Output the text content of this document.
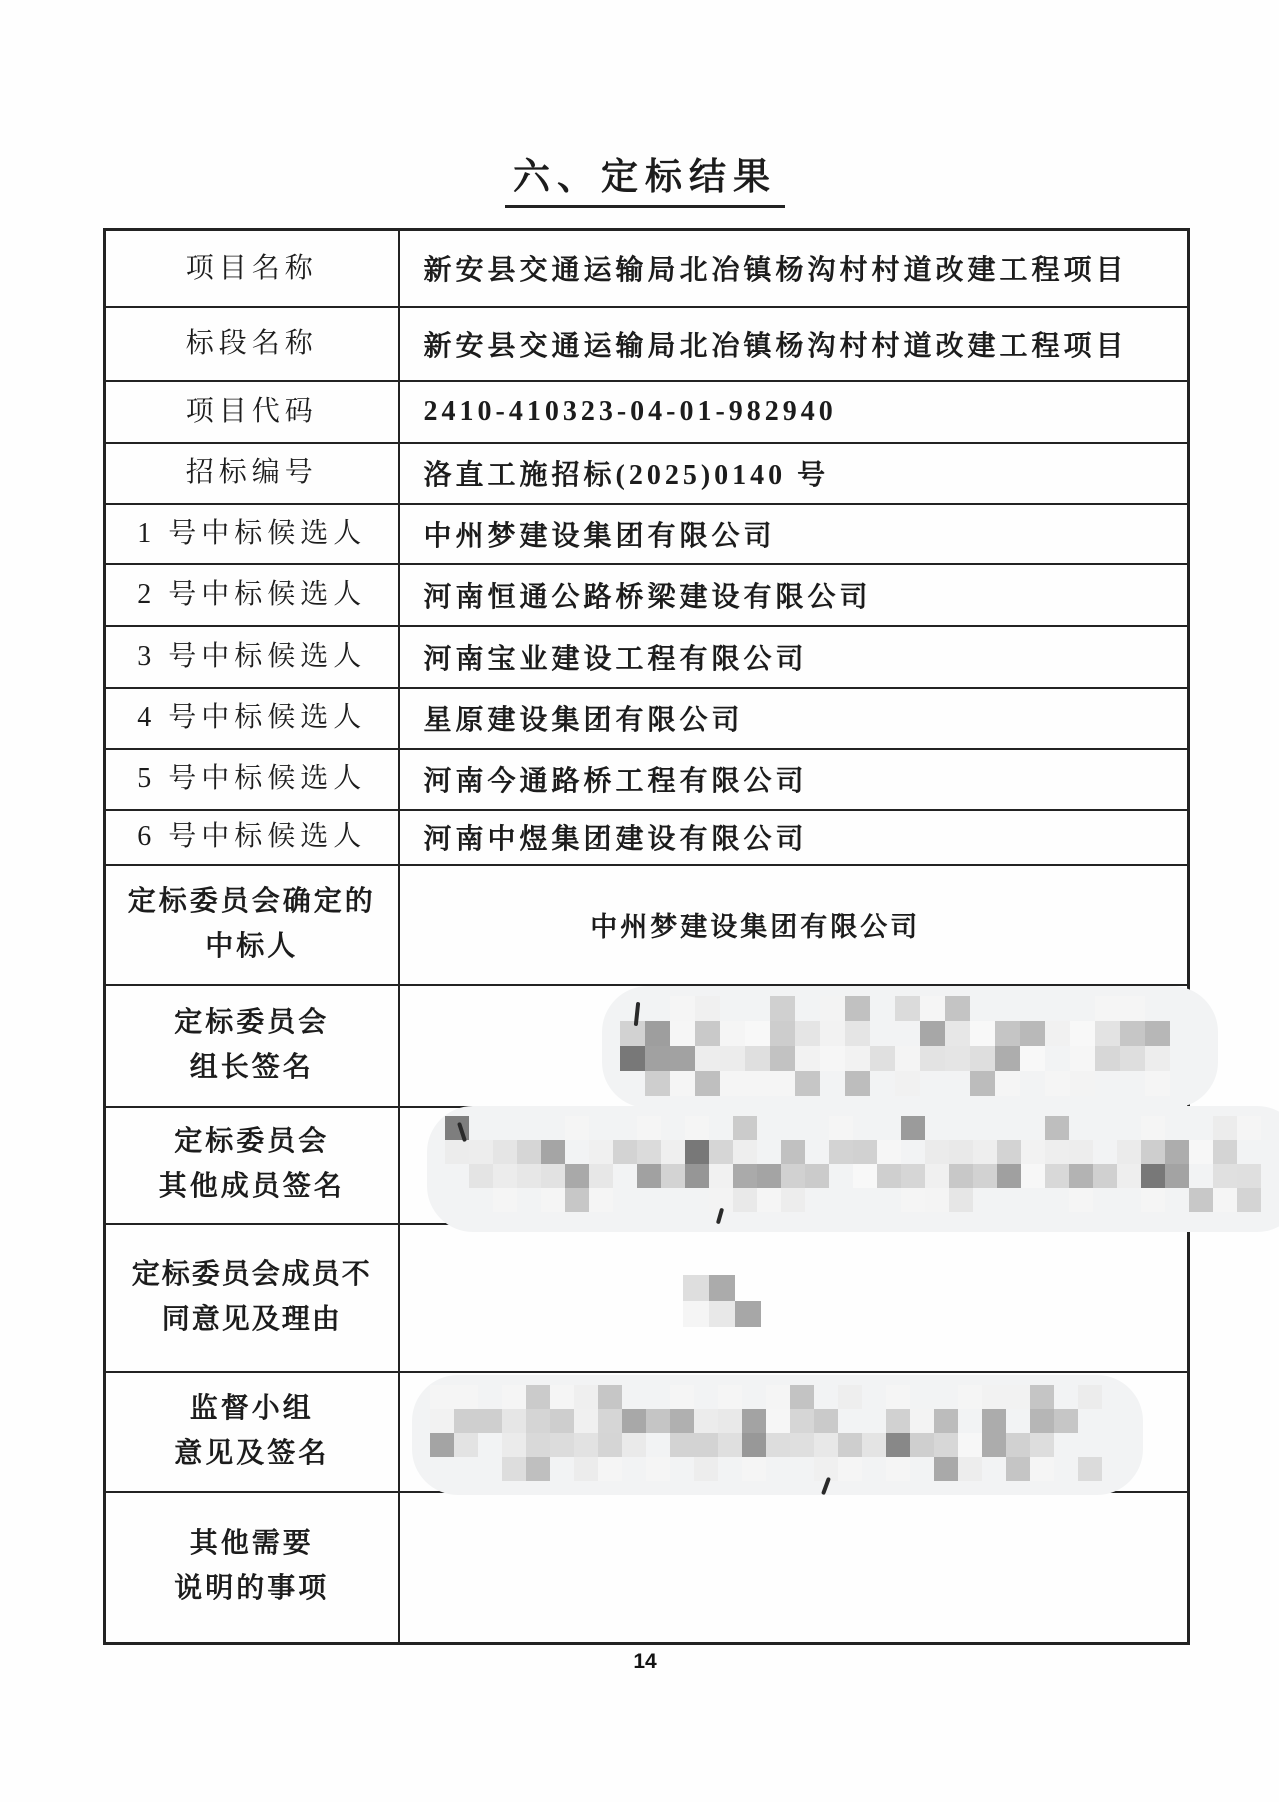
六、定标结果
项目名称	新安县交通运输局北冶镇杨沟村村道改建工程项目
标段名称	新安县交通运输局北冶镇杨沟村村道改建工程项目
项目代码	2410-410323-04-01-982940
招标编号	洛直工施招标(2025)0140 号
1 号中标候选人	中州梦建设集团有限公司
2 号中标候选人	河南恒通公路桥梁建设有限公司
3 号中标候选人	河南宝业建设工程有限公司
4 号中标候选人	星原建设集团有限公司
5 号中标候选人	河南今通路桥工程有限公司
6 号中标候选人	河南中煜集团建设有限公司
定标委员会确定的
中标人	中州梦建设集团有限公司
定标委员会
组长签名	

定标委员会
其他成员签名	

定标委员会成员不
同意见及理由	

监督小组
意见及签名	

其他需要
说明的事项	
14
